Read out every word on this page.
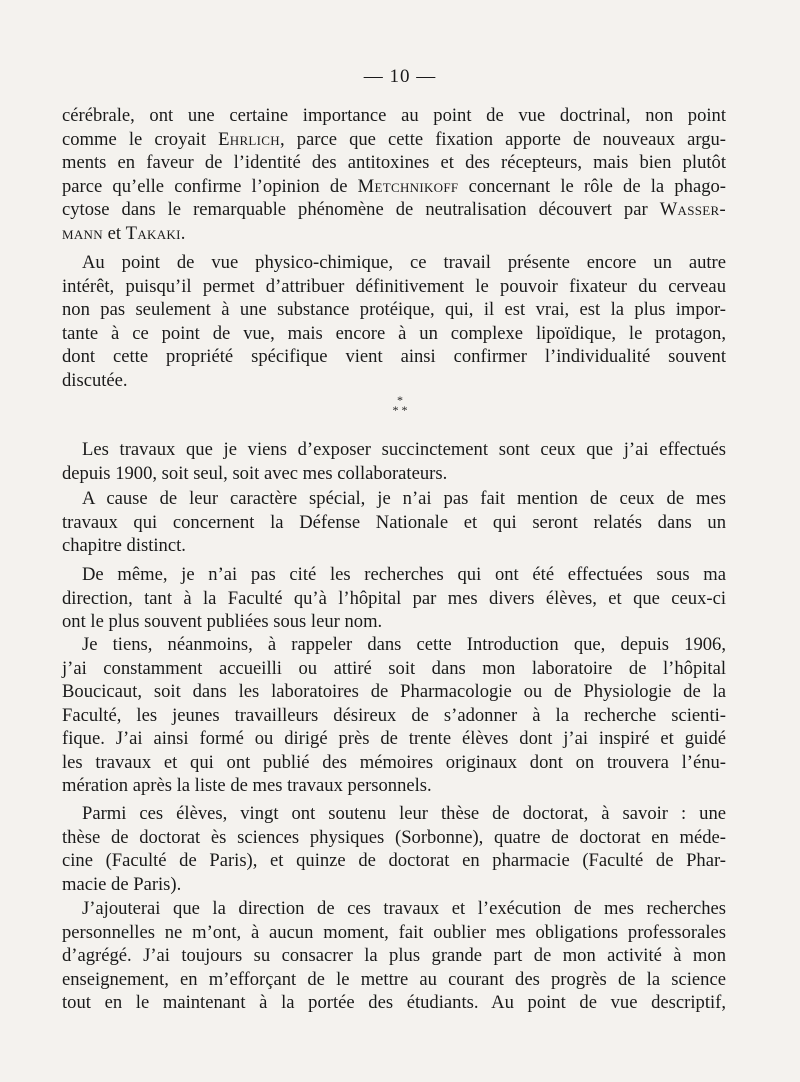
— 10 —
cérébrale, ont une certaine importance au point de vue doctrinal, non point
comme le croyait Ehrlich, parce que cette fixation apporte de nouveaux argu-
ments en faveur de l’identité des antitoxines et des récepteurs, mais bien plutôt
parce qu’elle confirme l’opinion de Metchnikoff concernant le rôle de la phago-
cytose dans le remarquable phénomène de neutralisation découvert par Wasser-
mann et Takaki.
Au point de vue physico-chimique, ce travail présente encore un autre
intérêt, puisqu’il permet d’attribuer définitivement le pouvoir fixateur du cerveau
non pas seulement à une substance protéique, qui, il est vrai, est la plus impor-
tante à ce point de vue, mais encore à un complexe lipoïdique, le protagon,
dont cette propriété spécifique vient ainsi confirmer l’individualité souvent
discutée.
*
* *
Les travaux que je viens d’exposer succinctement sont ceux que j’ai effectués
depuis 1900, soit seul, soit avec mes collaborateurs.
A cause de leur caractère spécial, je n’ai pas fait mention de ceux de mes
travaux qui concernent la Défense Nationale et qui seront relatés dans un
chapitre distinct.
De même, je n’ai pas cité les recherches qui ont été effectuées sous ma
direction, tant à la Faculté qu’à l’hôpital par mes divers élèves, et que ceux-ci
ont le plus souvent publiées sous leur nom.
Je tiens, néanmoins, à rappeler dans cette Introduction que, depuis 1906,
j’ai constamment accueilli ou attiré soit dans mon laboratoire de l’hôpital
Boucicaut, soit dans les laboratoires de Pharmacologie ou de Physiologie de la
Faculté, les jeunes travailleurs désireux de s’adonner à la recherche scienti-
fique. J’ai ainsi formé ou dirigé près de trente élèves dont j’ai inspiré et guidé
les travaux et qui ont publié des mémoires originaux dont on trouvera l’énu-
mération après la liste de mes travaux personnels.
Parmi ces élèves, vingt ont soutenu leur thèse de doctorat, à savoir : une
thèse de doctorat ès sciences physiques (Sorbonne), quatre de doctorat en méde-
cine (Faculté de Paris), et quinze de doctorat en pharmacie (Faculté de Phar-
macie de Paris).
J’ajouterai que la direction de ces travaux et l’exécution de mes recherches
personnelles ne m’ont, à aucun moment, fait oublier mes obligations professorales
d’agrégé. J’ai toujours su consacrer la plus grande part de mon activité à mon
enseignement, en m’efforçant de le mettre au courant des progrès de la science
tout en le maintenant à la portée des étudiants. Au point de vue descriptif,
